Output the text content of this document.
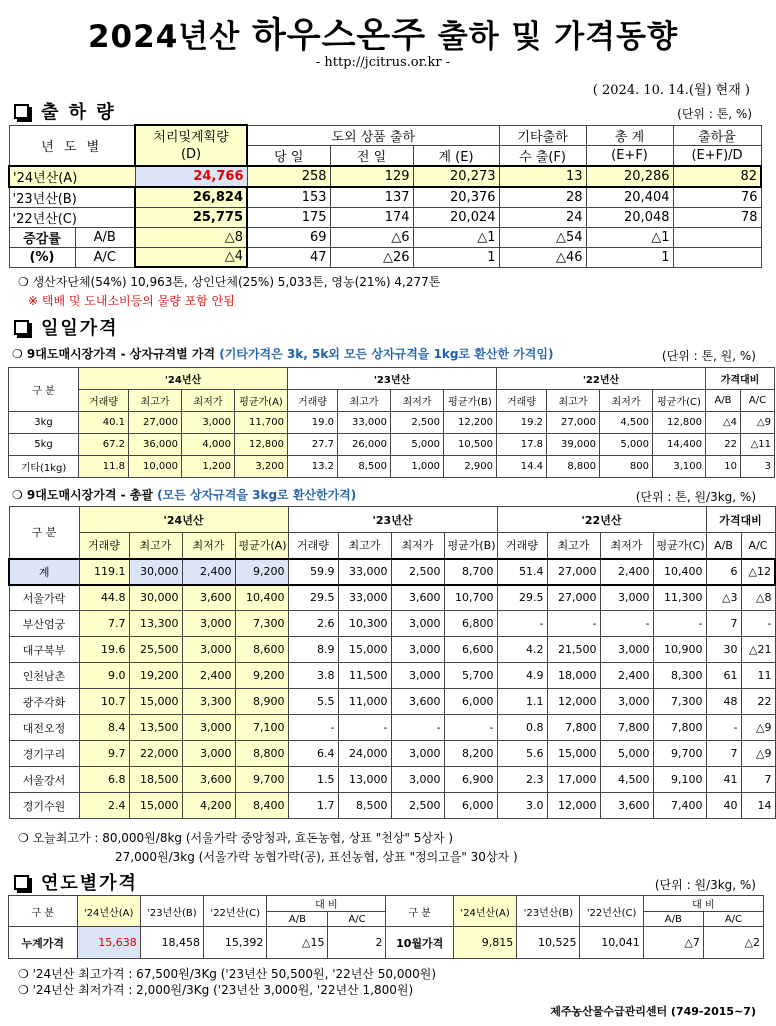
2024년산 하우스온주 출하 및 가격동향
- http://jcitrus.or.kr -
( 2024. 10. 14.(월) 현재 )
출 하 량	(단위 : 톤, %)
년 도 별		처리및계획량	도외 상품 출하			기타출하	총 계	출하율
		(D)	당 일	전 일	계 (E)	수 출(F)	(E+F)	(E+F)/D
'24년산(A)		24,766	258	129	20,273	13	20,286	82
'23년산(B)		26,824	153	137	20,376	28	20,404	76
'22년산(C)		25,775	175	174	20,024	24	20,048	78
증감률	A/B	△8	69	△6	△1	△54	△1	
(%)	A/C	△4	47	△26	1	△46	1	
❍ 생산자단체(54%) 10,963톤, 상인단체(25%) 5,033톤, 영농(21%) 4,277톤
※ 택배 및 도내소비등의 물량 포함 안됨
일일가격
❍ 9대도매시장가격 - 상자규격별 가격 (기타가격은 3k, 5k외 모든 상자규격을 1kg로 환산한 가격임)	(단위 : 톤, 원, %)
구 분	'24년산				'23년산				'22년산				가격대비	
	거래량	최고가	최저가	평균가(A)	거래량	최고가	최저가	평균가(B)	거래량	최고가	최저가	평균가(C)	A/B	A/C
3kg	40.1	27,000	3,000	11,700	19.0	33,000	2,500	12,200	19.2	27,000	4,500	12,800	△4	△9
5kg	67.2	36,000	4,000	12,800	27.7	26,000	5,000	10,500	17.8	39,000	5,000	14,400	22	△11
기타(1kg)	11.8	10,000	1,200	3,200	13.2	8,500	1,000	2,900	14.4	8,800	800	3,100	10	3
❍ 9대도매시장가격 - 총괄 (모든 상자규격을 3kg로 환산한가격)	(단위 : 톤, 원/3kg, %)
구 분	'24년산				'23년산				'22년산				가격대비	
	거래량	최고가	최저가	평균가(A)	거래량	최고가	최저가	평균가(B)	거래량	최고가	최저가	평균가(C)	A/B	A/C
계	119.1	30,000	2,400	9,200	59.9	33,000	2,500	8,700	51.4	27,000	2,400	10,400	6	△12
서울가락	44.8	30,000	3,600	10,400	29.5	33,000	3,600	10,700	29.5	27,000	3,000	11,300	△3	△8
부산엄궁	7.7	13,300	3,000	7,300	2.6	10,300	3,000	6,800	-	-	-	-	7	-
대구북부	19.6	25,500	3,000	8,600	8.9	15,000	3,000	6,600	4.2	21,500	3,000	10,900	30	△21
인천남촌	9.0	19,200	2,400	9,200	3.8	11,500	3,000	5,700	4.9	18,000	2,400	8,300	61	11
광주각화	10.7	15,000	3,300	8,900	5.5	11,000	3,600	6,000	1.1	12,000	3,000	7,300	48	22
대전오정	8.4	13,500	3,000	7,100	-	-	-	-	0.8	7,800	7,800	7,800	-	△9
경기구리	9.7	22,000	3,000	8,800	6.4	24,000	3,000	8,200	5.6	15,000	5,000	9,700	7	△9
서울강서	6.8	18,500	3,600	9,700	1.5	13,000	3,000	6,900	2.3	17,000	4,500	9,100	41	7
경기수원	2.4	15,000	4,200	8,400	1.7	8,500	2,500	6,000	3.0	12,000	3,600	7,400	40	14
❍ 오늘최고가 : 80,000원/8kg (서울가락 중앙청과, 효돈농협, 상표 "천상" 5상자 )
27,000원/3kg (서울가락 농협가락(공), 표선농협, 상표 "정의고을" 30상자 )
연도별가격	(단위 : 원/3kg, %)
구 분	'24년산(A)	'23년산(B)	'22년산(C)	대 비		구 분	'24년산(A)	'23년산(B)	'22년산(C)	대 비	
				A/B	A/C					A/B	A/C
누계가격	15,638	18,458	15,392	△15	2	10월가격	9,815	10,525	10,041	△7	△2
❍ '24년산 최고가격 : 67,500원/3Kg ('23년산 50,500원, '22년산 50,000원)
❍ '24년산 최저가격 : 2,000원/3Kg ('23년산 3,000원, '22년산 1,800원)
제주농산물수급관리센터 (749-2015~7)
